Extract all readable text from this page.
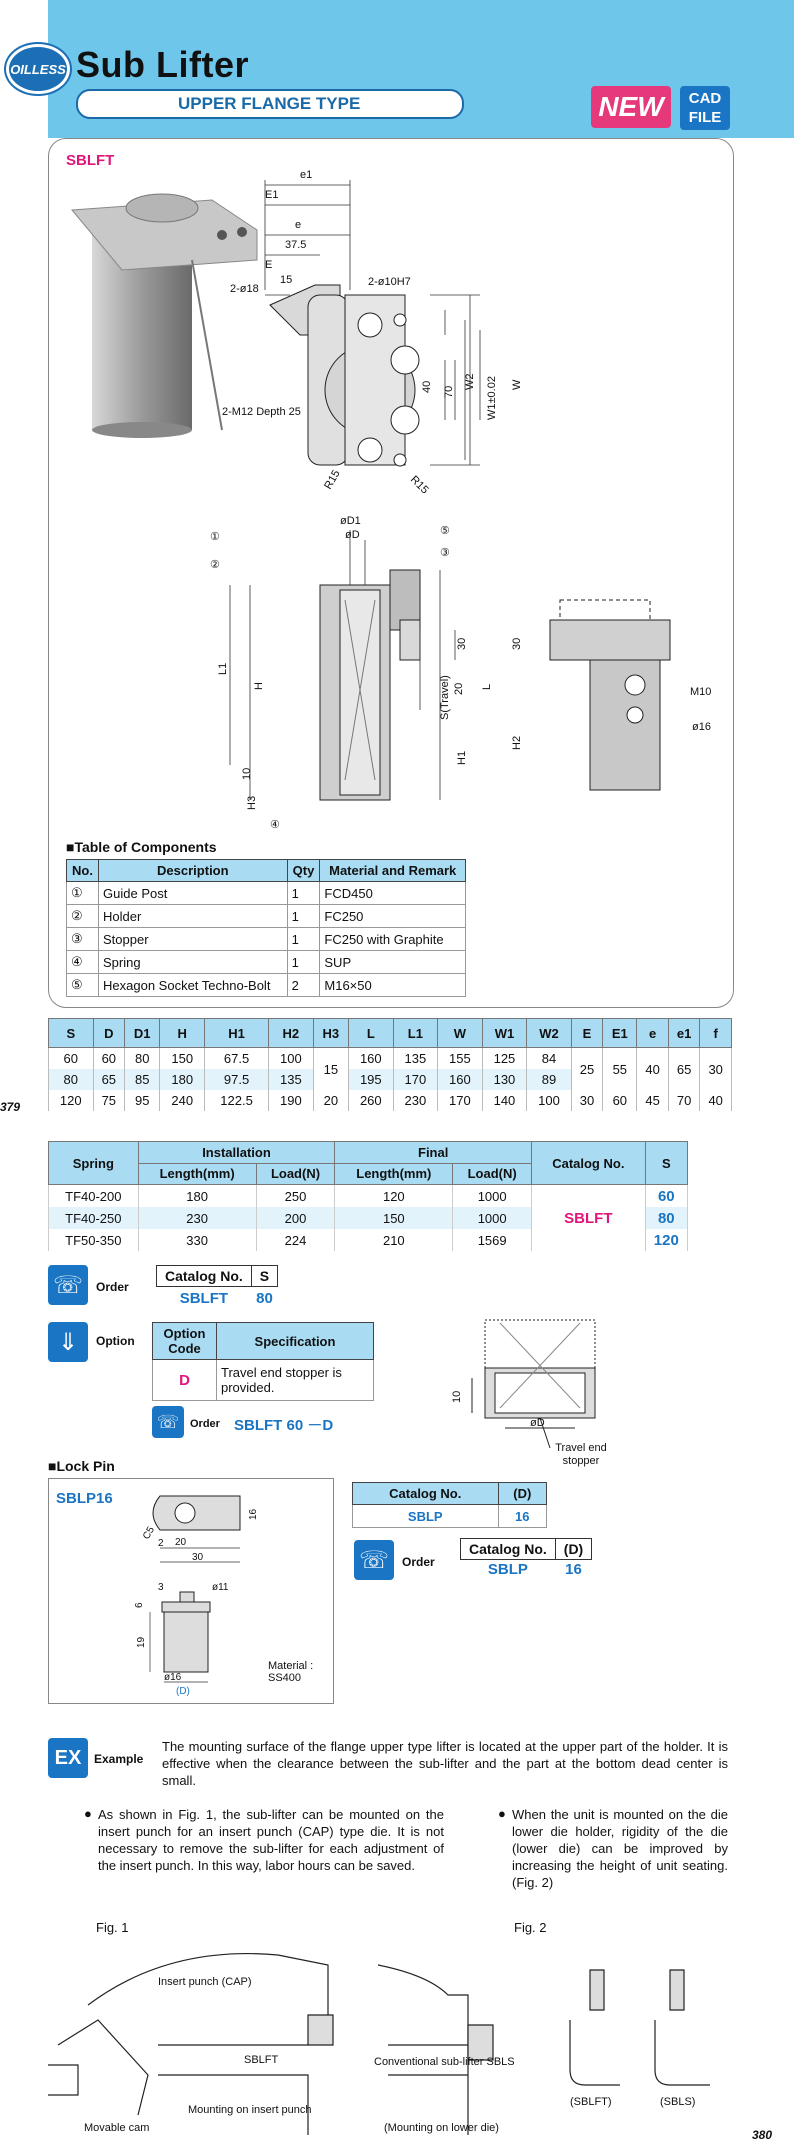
OILLESS Sub Lifter
UPPER FLANGE TYPE	NEW	CAD
FILE
SBLFT
e1
E1
e
37.5
E
15
2-ø18
2-ø10H7
40 70
W2 W1±0.02 W
2-M12 Depth 25
R15	R15
øD1
øD
①
②
⑤
③
④
30
20
L1
H	S(Travel)	L
H1
10
H3
30
M10
ø16
H2
■Table of Components
No.	Description	Qty	Material and Remark
①	Guide Post	1	FCD450
②	Holder	1	FC250
③	Stopper	1	FC250 with Graphite
④	Spring	1	SUP
⑤	Hexagon Socket Techno-Bolt	2	M16×50
S	D	D1	H	H1	H2	H3	L	L1	W	W1	W2	E	E1	e	e1	f
60	60	80	150	67.5	100	15	160	135	155	125	84	25	55	40	65	30
80	65	85	180	97.5	135		195	170	160	130	89					
120	75	95	240	122.5	190	20	260	230	170	140	100	30	60	45	70	40
379
Spring	Installation		Final		Catalog No.	S
	Length(mm)	Load(N)	Length(mm)	Load(N)		
TF40-200	180	250	120	1000	SBLFT	60
TF40-250	230	200	150	1000		80
TF50-350	330	224	210	1569		120
☏	Order
Catalog No.	S
SBLFT	80
⇓	Option Option Code	Specification
D	Travel end stopper is provided.
☏ Order SBLFT 60 －D
10
øD
Travel end stopper
■Lock Pin
SBLP16
C5
2 20
30
16
3	ø11
6
19
ø16
(D)
Material : SS400
Catalog No.	(D)
SBLP	16
☏	Order
Catalog No.	(D)
SBLP	16
EX	Example
The mounting surface of the flange upper type lifter is located at the upper part of the holder. It is effective when the clearance between the sub-lifter and the part at the bottom dead center is small.
● As shown in Fig. 1, the sub-lifter can be mounted on the insert punch for an insert punch (CAP) type die. It is not necessary to remove the sub-lifter for each adjustment of the insert punch. In this way, labor hours can be saved.
● When the unit is mounted on the die lower die holder, rigidity of the die (lower die) can be improved by increasing the height of unit seating. (Fig. 2)
Fig. 1	Fig. 2
Insert punch (CAP)
SBLFT
Movable cam
Mounting on insert punch
Conventional sub-lifter SBLS
(Mounting on lower die)
(SBLFT)	(SBLS)
380
